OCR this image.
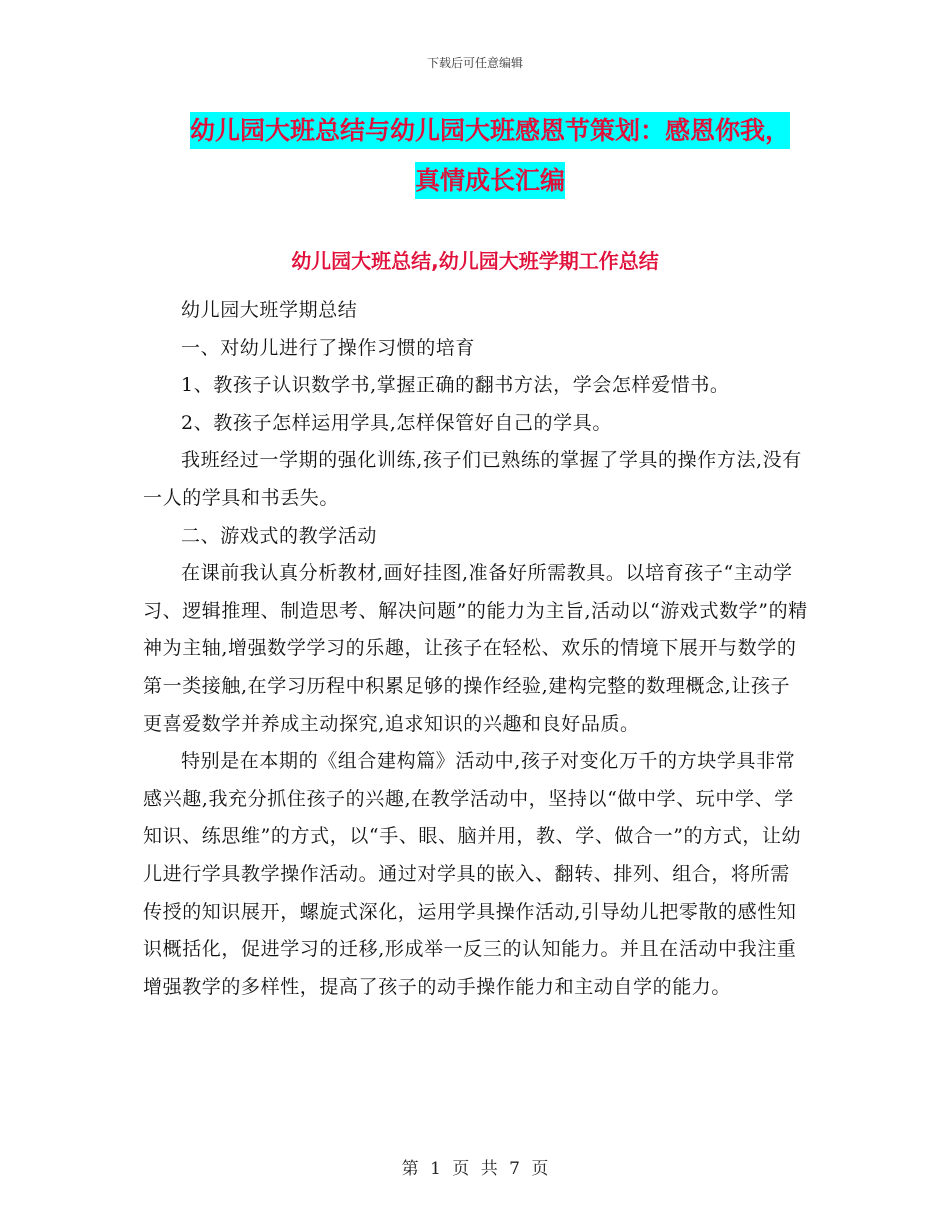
下载后可任意编辑
幼儿园大班总结与幼儿园大班感恩节策划：感恩你我，
真情成长汇编
幼儿园大班总结,幼儿园大班学期工作总结

幼儿园大班学期总结

一、对幼儿进行了操作习惯的培育

1、教孩子认识数学书,掌握正确的翻书方法，学会怎样爱惜书。

2、教孩子怎样运用学具,怎样保管好自己的学具。

我班经过一学期的强化训练,孩子们已熟练的掌握了学具的操作方法,没有一人的学具和书丢失。

二、游戏式的教学活动

在课前我认真分析教材,画好挂图,准备好所需教具。以培育孩子“主动学习、逻辑推理、制造思考、解决问题”的能力为主旨,活动以“游戏式数学”的精神为主轴,增强数学学习的乐趣，让孩子在轻松、欢乐的情境下展开与数学的第一类接触,在学习历程中积累足够的操作经验,建构完整的数理概念,让孩子更喜爱数学并养成主动探究,追求知识的兴趣和良好品质。

特别是在本期的《组合建构篇》活动中,孩子对变化万千的方块学具非常感兴趣,我充分抓住孩子的兴趣,在教学活动中，坚持以“做中学、玩中学、学知识、练思维”的方式，以“手、眼、脑并用，教、学、做合一”的方式，让幼儿进行学具教学操作活动。通过对学具的嵌入、翻转、排列、组合，将所需传授的知识展开，螺旋式深化，运用学具操作活动,引导幼儿把零散的感性知识概括化，促进学习的迁移,形成举一反三的认知能力。并且在活动中我注重增强教学的多样性，提高了孩子的动手操作能力和主动自学的能力。

第 1 页 共 7 页
